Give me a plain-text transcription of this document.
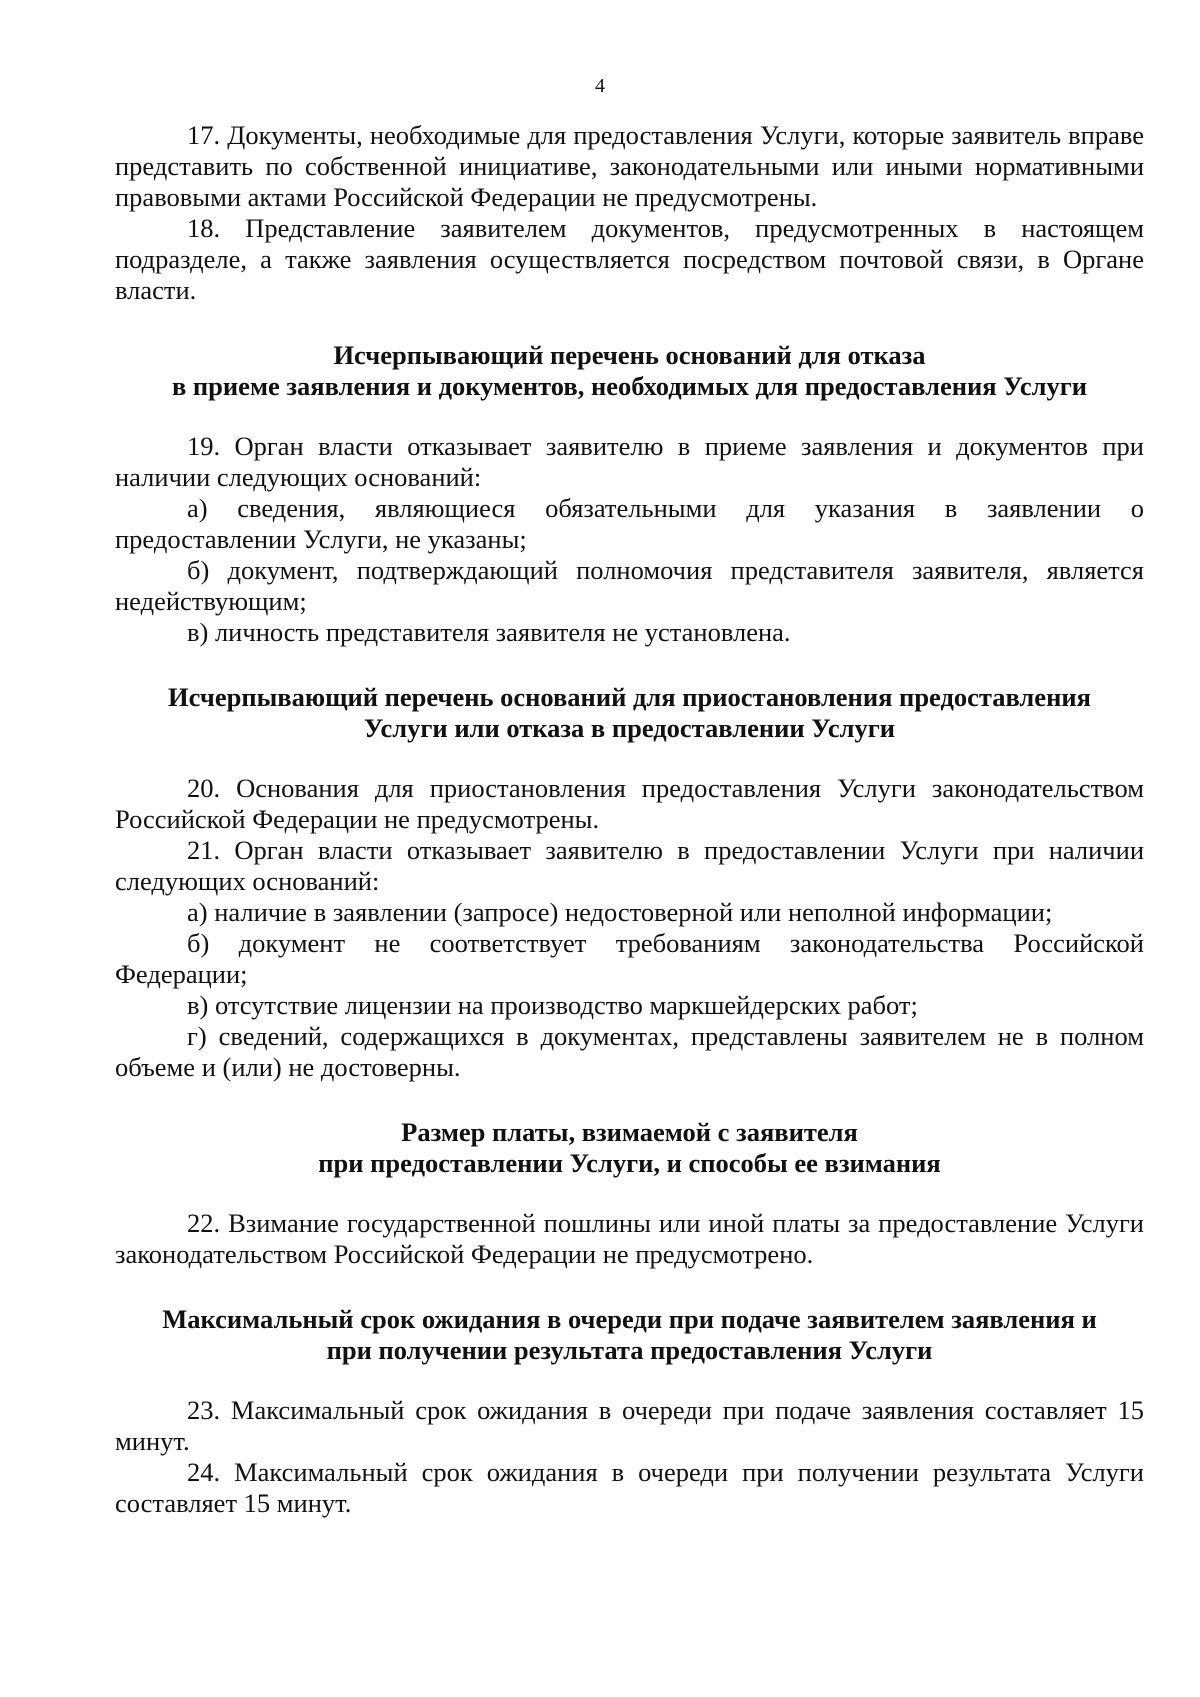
4

17. Документы, необходимые для предоставления Услуги, которые заявитель вправе представить по собственной инициативе, законодательными или иными нормативными правовыми актами Российской Федерации не предусмотрены.

18. Представление заявителем документов, предусмотренных в настоящем подразделе, а также заявления осуществляется посредством почтовой связи, в Органе власти.

Исчерпывающий перечень оснований для отказа
в приеме заявления и документов, необходимых для предоставления Услуги

19. Орган власти отказывает заявителю в приеме заявления и документов при наличии следующих оснований:

а) сведения, являющиеся обязательными для указания в заявлении о предоставлении Услуги, не указаны;

б) документ, подтверждающий полномочия представителя заявителя, является недействующим;

в) личность представителя заявителя не установлена.

Исчерпывающий перечень оснований для приостановления предоставления
Услуги или отказа в предоставлении Услуги

20. Основания для приостановления предоставления Услуги законодательством Российской Федерации не предусмотрены.

21. Орган власти отказывает заявителю в предоставлении Услуги при наличии следующих оснований:

а) наличие в заявлении (запросе) недостоверной или неполной информации;

б) документ не соответствует требованиям законодательства Российской Федерации;

в) отсутствие лицензии на производство маркшейдерских работ;

г) сведений, содержащихся в документах, представлены заявителем не в полном объеме и (или) не достоверны.

Размер платы, взимаемой с заявителя
при предоставлении Услуги, и способы ее взимания

22. Взимание государственной пошлины или иной платы за предоставление Услуги законодательством Российской Федерации не предусмотрено.

Максимальный срок ожидания в очереди при подаче заявителем заявления и
при получении результата предоставления Услуги

23. Максимальный срок ожидания в очереди при подаче заявления составляет 15 минут.

24. Максимальный срок ожидания в очереди при получении результата Услуги составляет 15 минут.
